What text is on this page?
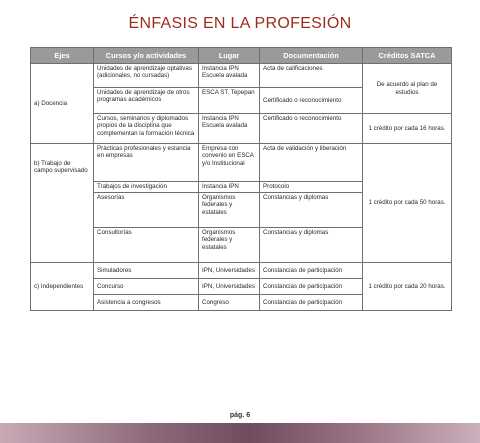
ÉNFASIS EN LA PROFESIÓN
Ejes	Cursos y/o actividades	Lugar	Documentación	Créditos SATCA
a) Docencia	Unidades de aprendizaje optativas (adicionales, no cursadas)	Instancia IPN Escuela avalada	Acta de calificaciones	De acuerdo al plan de estudios
	Unidades de aprendizaje de otros programas académicos	ESCA ST, Tepepan	Certificado o reconocimiento	
	Cursos, seminarios y diplomados propios de la disciplina que complementan la formación técnica	Instancia IPN Escuela avalada	Certificado o reconocimiento	1 crédito por cada 16 horas.
b) Trabajo de campo supervisado	Prácticas profesionales y estancia en empresas	Empresa con convenio en ESCA y/o Institucional	Acta de validación y liberación	1 crédito por cada 50 horas.
	Trabajos de investigación	Instancia IPN	Protocolo	
	Asesorías	Organismos federales y estatales	Constancias y diplomas	
	Consultorías	Organismos federales y estatales	Constancias y diplomas	
c) Independientes	Simuladores	IPN, Universidades	Constancias de participación	1 crédito por cada 20 horas.
	Concurso	IPN, Universidades	Constancias de participación	
	Asistencia a congresos	Congreso	Constancias de participación	
pág. 6
